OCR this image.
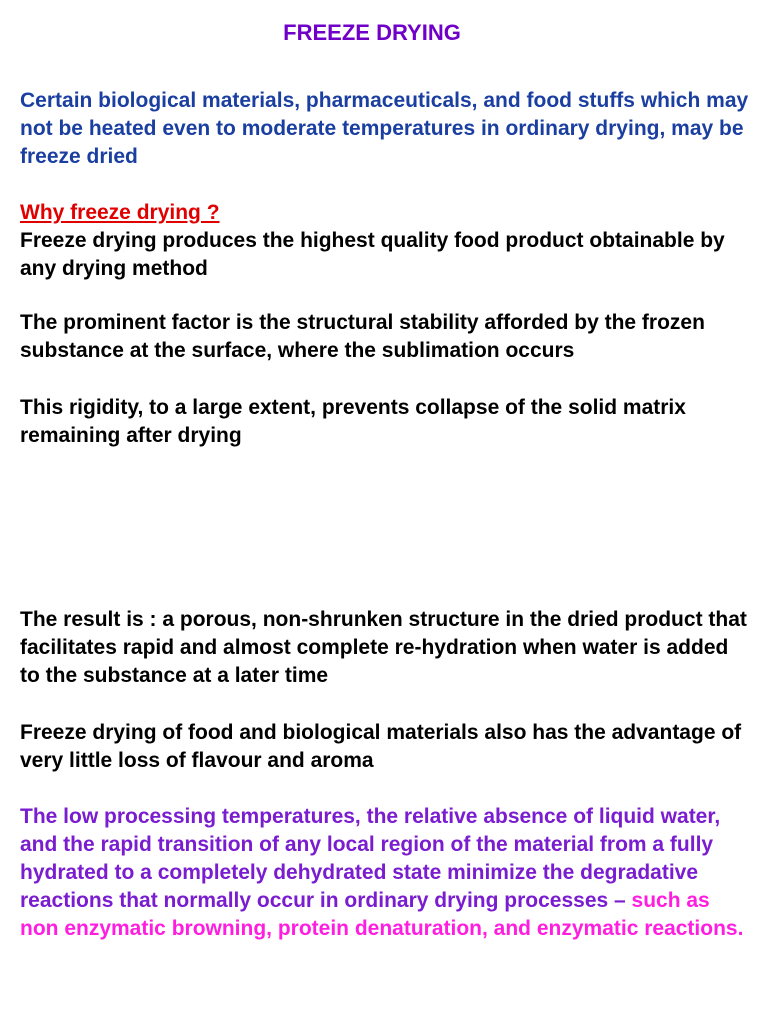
FREEZE DRYING

Certain biological materials, pharmaceuticals, and food stuffs which may not be heated even to moderate temperatures in ordinary drying, may be freeze dried

Why freeze drying ?

Freeze drying produces the highest quality food product obtainable by any drying method

The prominent factor is the structural stability afforded by the frozen substance at the surface, where the sublimation occurs

This rigidity, to a large extent, prevents collapse of the solid matrix remaining after drying

The result is : a porous, non-shrunken structure in the dried product that facilitates rapid and almost complete re-hydration when water is added to the substance at a later time

Freeze drying of food and biological materials also has the advantage of very little loss of flavour and aroma

The low processing temperatures, the relative absence of liquid water, and the rapid transition of any local region of the material from a fully hydrated to a completely dehydrated state minimize the degradative reactions that normally occur in ordinary drying processes – such as non enzymatic browning, protein denaturation, and enzymatic reactions.
